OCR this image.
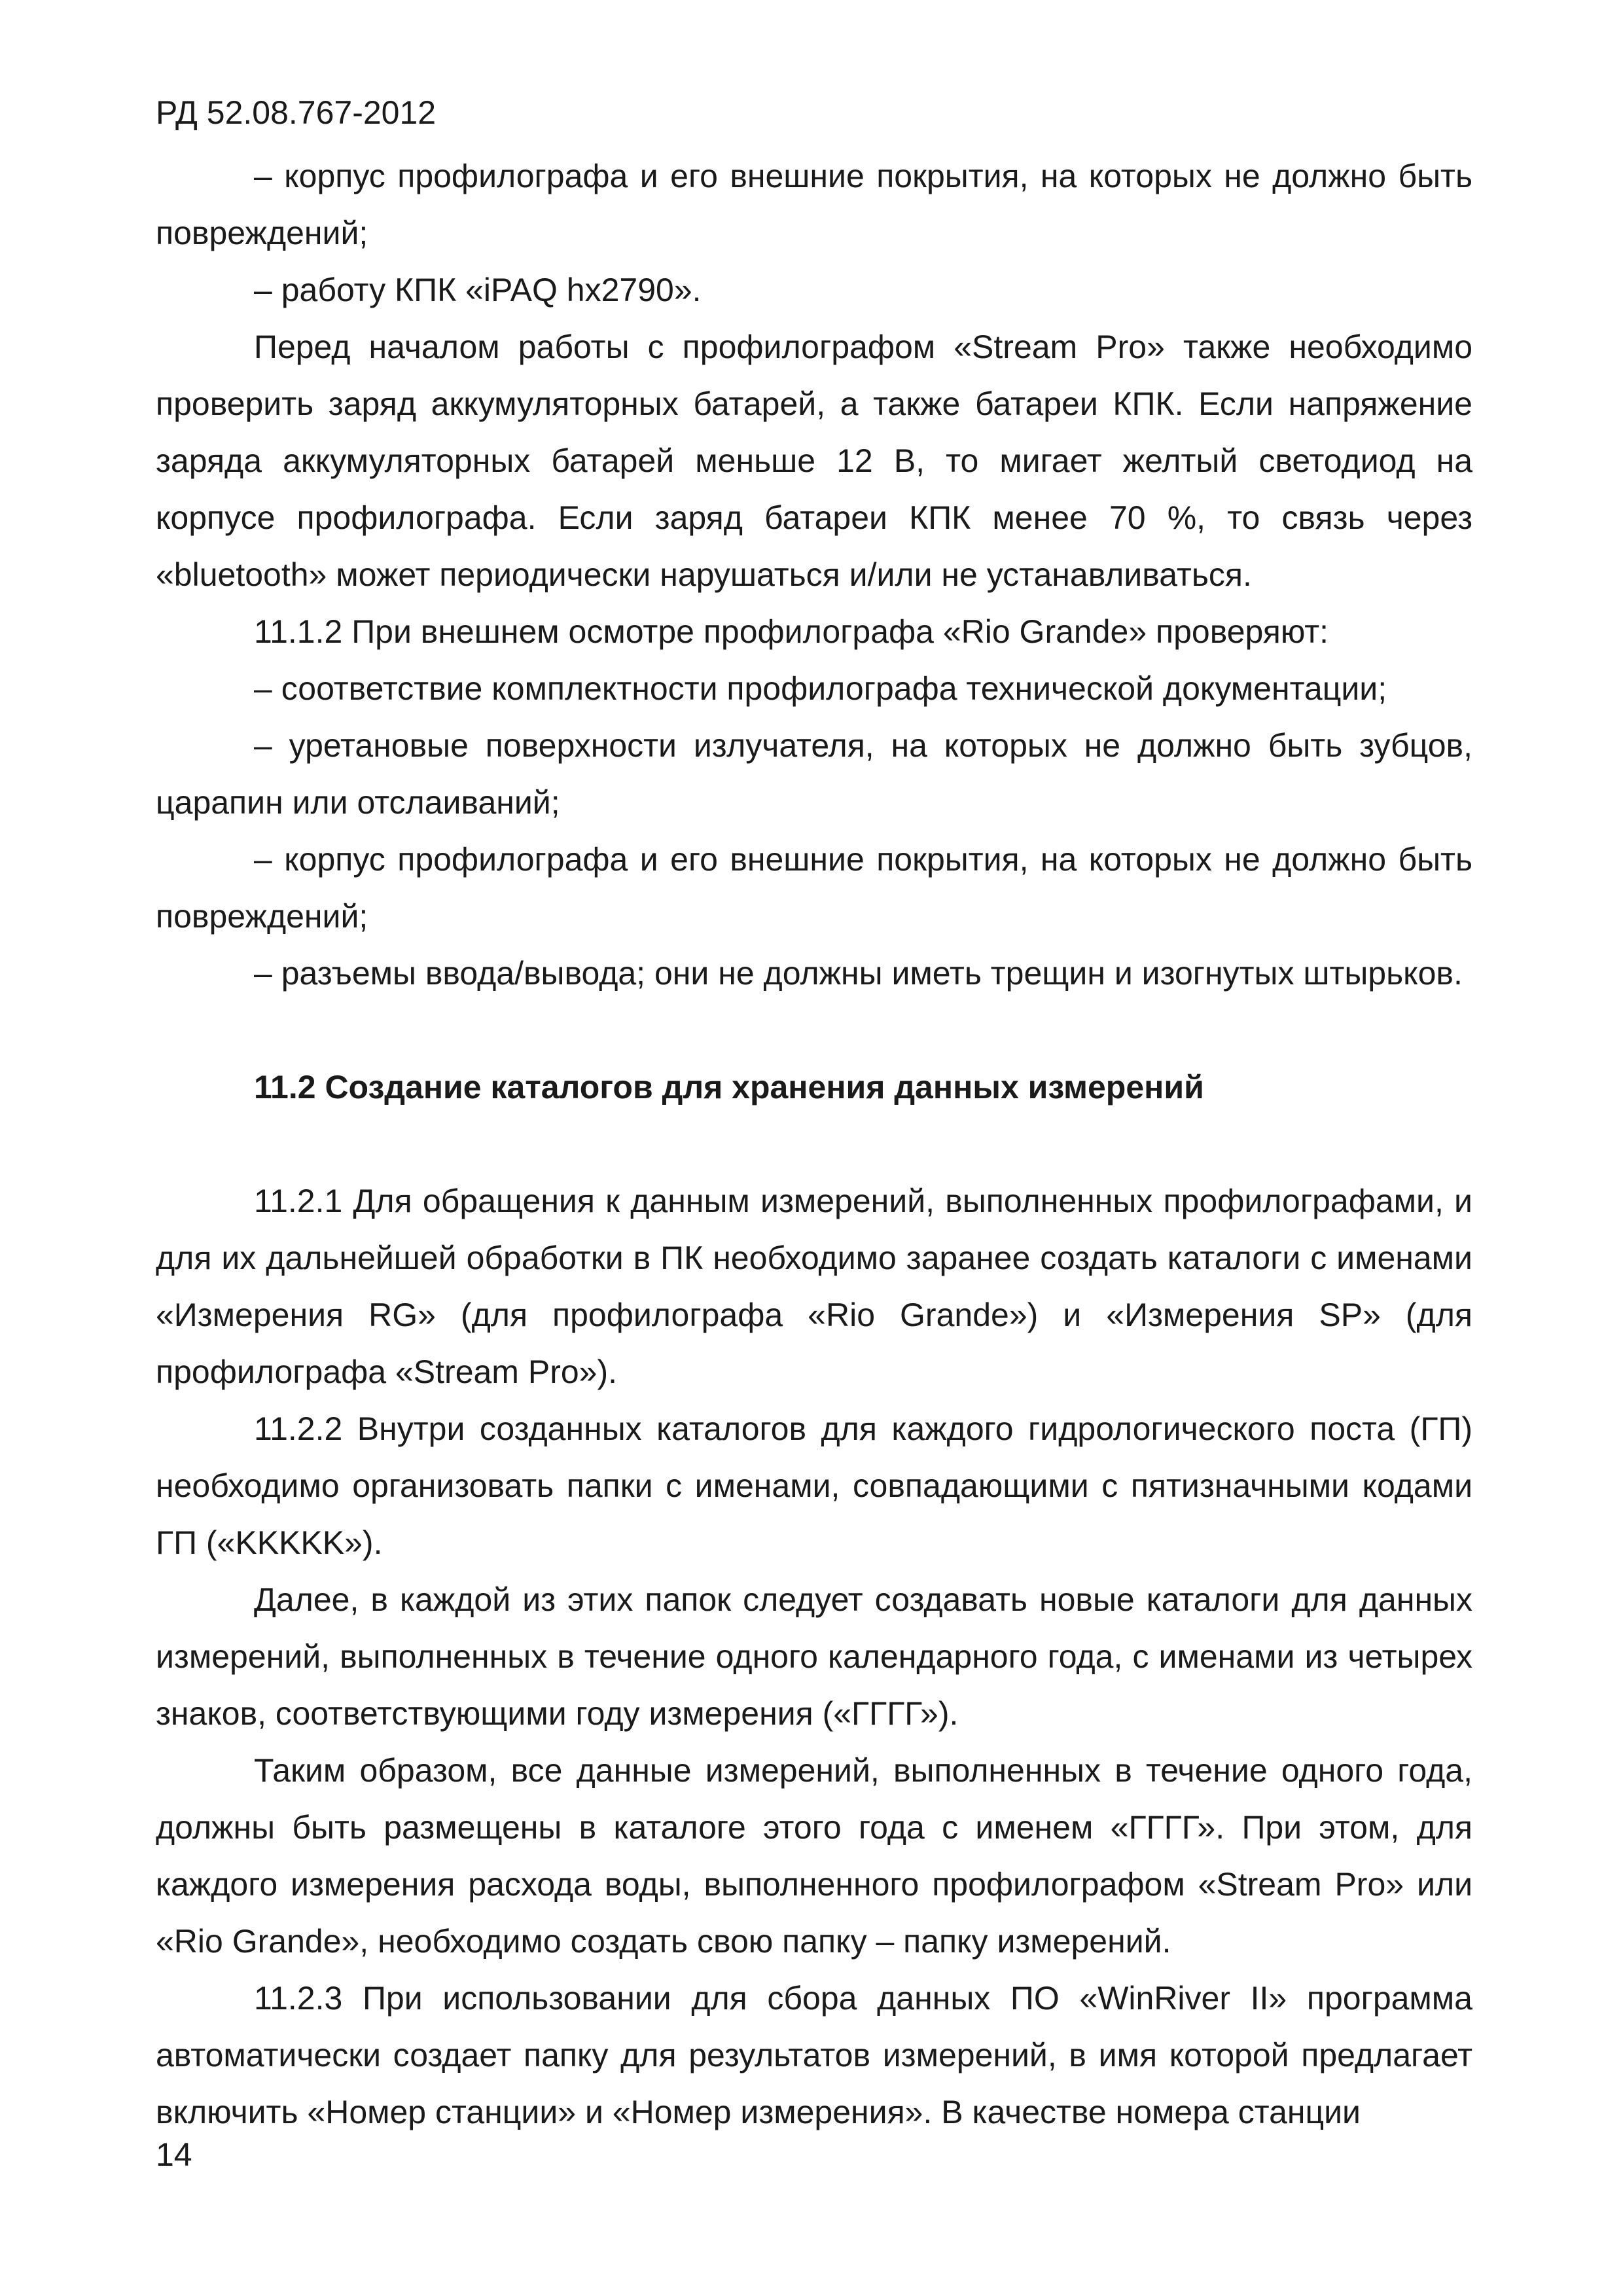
РД 52.08.767-2012

– корпус профилографа и его внешние покрытия, на которых не должно быть повреждений;

– работу КПК «iPAQ hx2790».

Перед началом работы с профилографом «Stream Pro» также необходимо проверить заряд аккумуляторных батарей, а также батареи КПК. Если напряжение заряда аккумуляторных батарей меньше 12 В, то мигает желтый светодиод на корпусе профилографа. Если заряд батареи КПК менее 70 %, то связь через «bluetooth» может периодически нарушаться и/или не устанавливаться.

11.1.2 При внешнем осмотре профилографа «Rio Grande» проверяют:

– соответствие комплектности профилографа технической документации;

– уретановые поверхности излучателя, на которых не должно быть зубцов, царапин или отслаиваний;

– корпус профилографа и его внешние покрытия, на которых не должно быть повреждений;

– разъемы ввода/вывода; они не должны иметь трещин и изогнутых штырьков.

11.2 Создание каталогов для хранения данных измерений

11.2.1 Для обращения к данным измерений, выполненных профилографами, и для их дальнейшей обработки в ПК необходимо заранее создать каталоги с именами «Измерения RG» (для профилографа «Rio Grande») и «Измерения SP» (для профилографа «Stream Pro»).

11.2.2 Внутри созданных каталогов для каждого гидрологического поста (ГП) необходимо организовать папки с именами, совпадающими с пятизначными кодами ГП («KKKKK»).

Далее, в каждой из этих папок следует создавать новые каталоги для данных измерений, выполненных в течение одного календарного года, с именами из четырех знаков, соответствующими году измерения («ГГГГ»).

Таким образом, все данные измерений, выполненных в течение одного года, должны быть размещены в каталоге этого года с именем «ГГГГ». При этом, для каждого измерения расхода воды, выполненного профилографом «Stream Pro» или «Rio Grande», необходимо создать свою папку – папку измерений.

11.2.3 При использовании для сбора данных ПО «WinRiver II» программа автоматически создает папку для результатов измерений, в имя которой предлагает включить «Номер станции» и «Номер измерения». В качестве номера станции

14
